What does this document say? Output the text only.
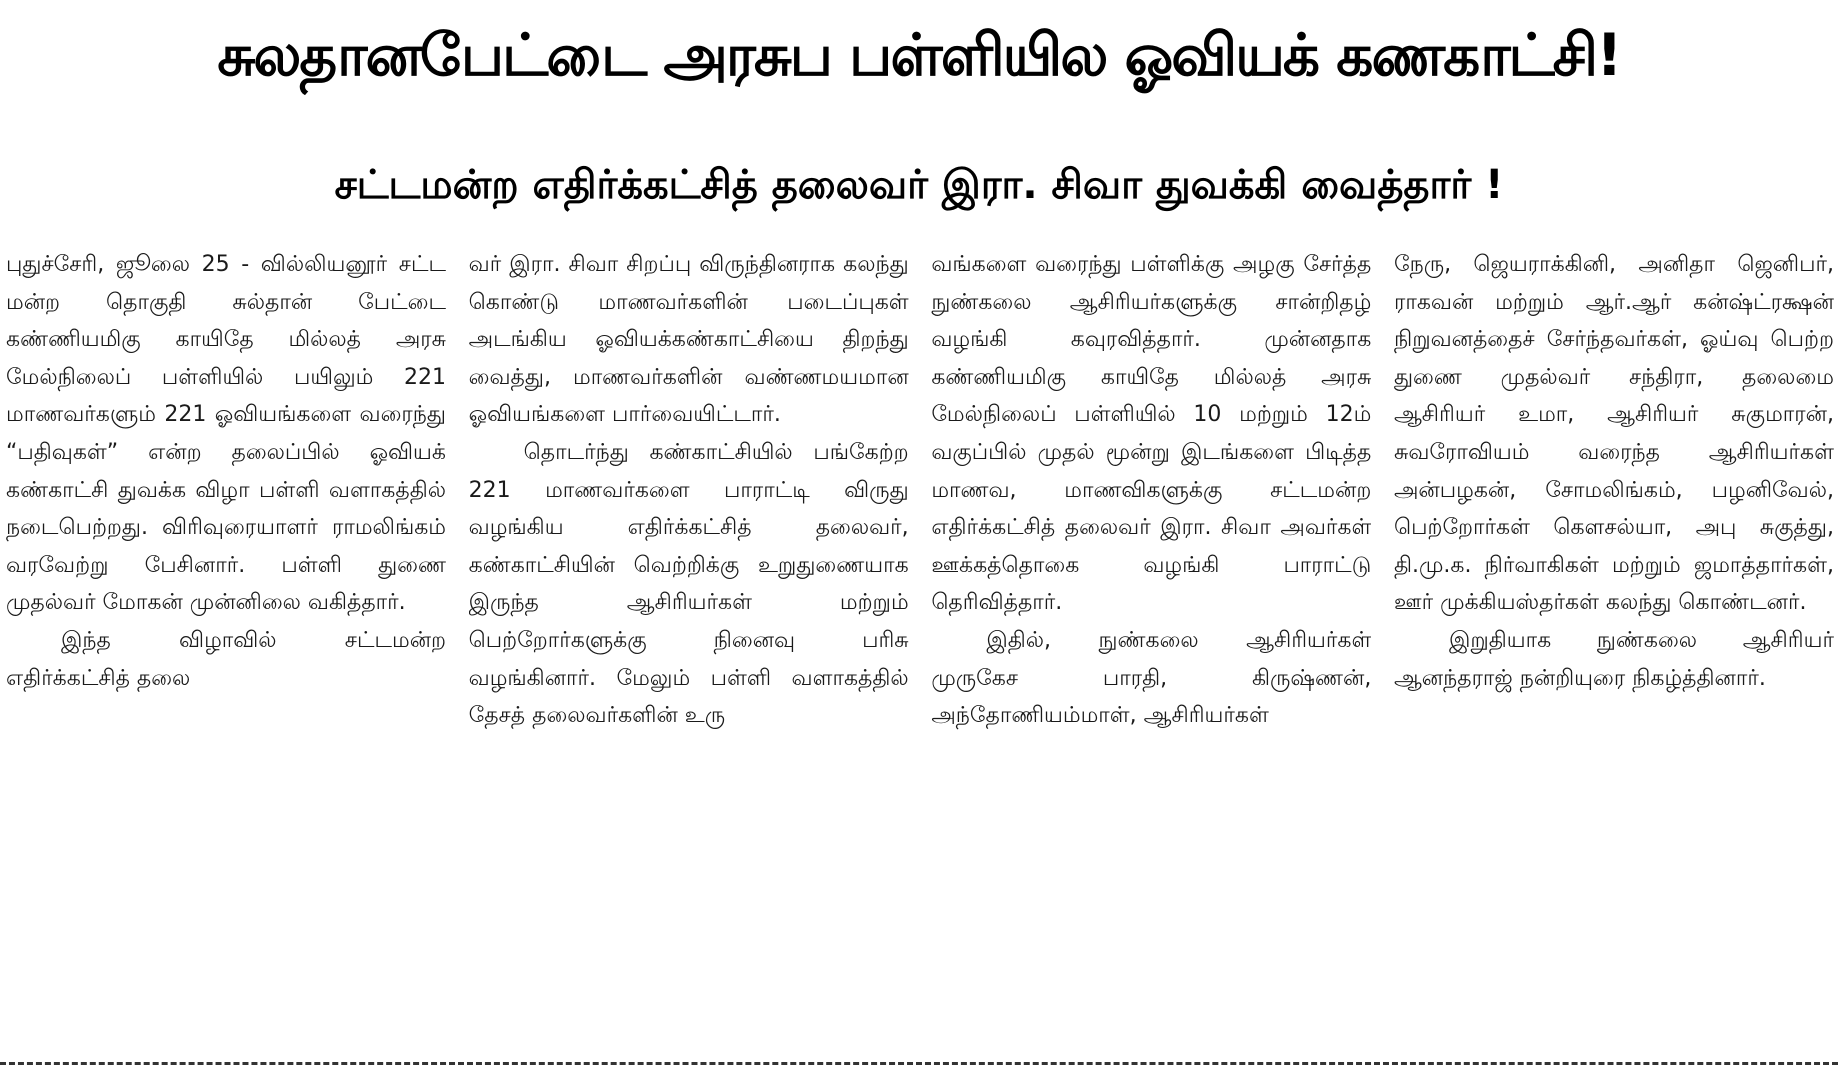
சுலதானபேட்டை அரசுப பள்ளியில ஓவியக் கணகாட்சி!
சட்டமன்ற எதிர்க்கட்சித் தலைவர் இரா. சிவா துவக்கி வைத்தார் !

புதுச்சேரி, ஜூலை 25 - வில்லியனூர் சட்ட மன்ற தொகுதி சுல்தான் பேட்டை கண்ணியமிகு காயிதே மில்லத் அரசு மேல்நிலைப் பள்ளியில் பயிலும் 221 மாணவர்களும் 221 ஓவியங்களை வரைந்து “பதிவுகள்” என்ற தலைப்பில் ஓவியக் கண்காட்சி துவக்க விழா பள்ளி வளாகத்தில் நடைபெற்றது. விரிவுரையாளர் ராமலிங்கம் வரவேற்று பேசினார். பள்ளி துணை முதல்வர் மோகன் முன்னிலை வகித்தார்.

இந்த விழாவில் சட்டமன்ற எதிர்க்கட்சித் தலை

வர் இரா. சிவா சிறப்பு விருந்தினராக கலந்து கொண்டு மாணவர்களின் படைப்புகள் அடங்கிய ஓவியக்கண்காட்சியை திறந்து வைத்து, மாணவர்களின் வண்ணமயமான ஓவியங்களை பார்வையிட்டார்.

தொடர்ந்து கண்காட்சியில் பங்கேற்ற 221 மாணவர்களை பாராட்டி விருது வழங்கிய எதிர்க்கட்சித் தலைவர், கண்காட்சியின் வெற்றிக்கு உறுதுணையாக இருந்த ஆசிரியர்கள் மற்றும் பெற்றோர்களுக்கு நினைவு பரிசு வழங்கினார். மேலும் பள்ளி வளாகத்தில் தேசத் தலைவர்களின் உரு

வங்களை வரைந்து பள்ளிக்கு அழகு சேர்த்த நுண்கலை ஆசிரியர்களுக்கு சான்றிதழ் வழங்கி கவுரவித்தார். முன்னதாக கண்ணியமிகு காயிதே மில்லத் அரசு மேல்நிலைப் பள்ளியில் 10 மற்றும் 12ம் வகுப்பில் முதல் மூன்று இடங்களை பிடித்த மாணவ, மாணவிகளுக்கு சட்டமன்ற எதிர்க்கட்சித் தலைவர் இரா. சிவா அவர்கள் ஊக்கத்தொகை வழங்கி பாராட்டு தெரிவித்தார்.

இதில், நுண்கலை ஆசிரியர்கள் முருகேச பாரதி, கிருஷ்ணன், அந்தோணியம்மாள், ஆசிரியர்கள்

நேரு, ஜெயராக்கினி, அனிதா ஜெனிபர், ராகவன் மற்றும் ஆர்.ஆர் கன்ஷ்ட்ரக்ஷன் நிறுவனத்தைச் சேர்ந்தவர்கள், ஓய்வு பெற்ற துணை முதல்வர் சந்திரா, தலைமை ஆசிரியர் உமா, ஆசிரியர் சுகுமாரன், சுவரோவியம் வரைந்த ஆசிரியர்கள் அன்பழகன், சோமலிங்கம், பழனிவேல், பெற்றோர்கள் கௌசல்யா, அபு சுகுத்து, தி.மு.க. நிர்வாகிகள் மற்றும் ஜமாத்தார்கள், ஊர் முக்கியஸ்தர்கள் கலந்து கொண்டனர்.

இறுதியாக நுண்கலை ஆசிரியர் ஆனந்தராஜ் நன்றியுரை நிகழ்த்தினார்.
